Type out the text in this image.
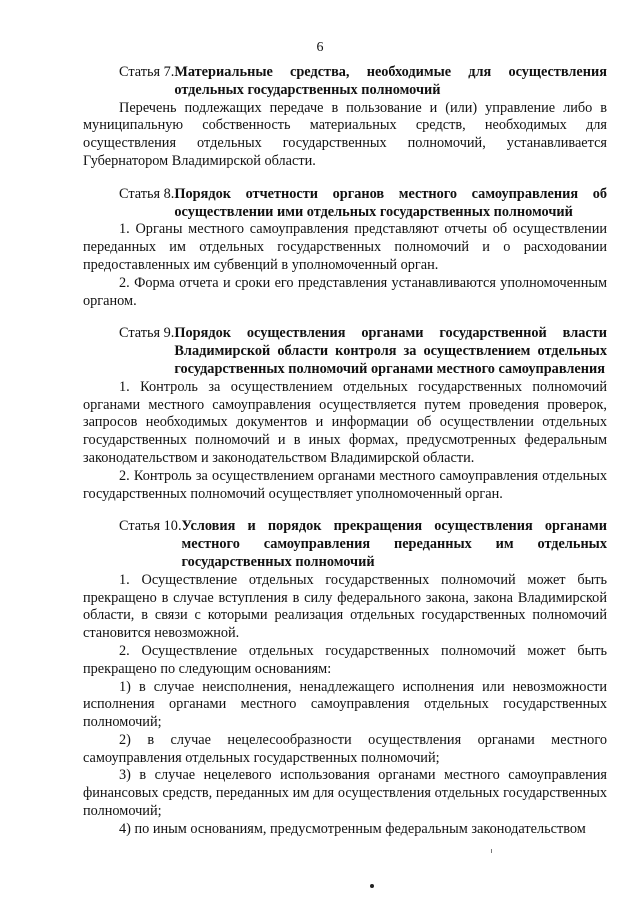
6
Статья 7. Материальные средства, необходимые для осуществления отдельных государственных полномочий

Перечень подлежащих передаче в пользование и (или) управление либо в муниципальную собственность материальных средств, необходимых для осуществления отдельных государственных полномочий, устанавливается Губернатором Владимирской области.

Статья 8. Порядок отчетности органов местного самоуправления об осуществлении ими отдельных государственных полномочий

1. Органы местного самоуправления представляют отчеты об осуществлении переданных им отдельных государственных полномочий и о расходовании предоставленных им субвенций в уполномоченный орган.

2. Форма отчета и сроки его представления устанавливаются уполномоченным органом.

Статья 9. Порядок осуществления органами государственной власти Владимирской области контроля за осуществлением отдельных государственных полномочий органами местного самоуправления

1. Контроль за осуществлением отдельных государственных полномочий органами местного самоуправления осуществляется путем проведения проверок, запросов необходимых документов и информации об осуществлении отдельных государственных полномочий и в иных формах, предусмотренных федеральным законодательством и законодательством Владимирской области.

2. Контроль за осуществлением органами местного самоуправления отдельных государственных полномочий осуществляет уполномоченный орган.

Статья 10. Условия и порядок прекращения осуществления органами местного самоуправления переданных им отдельных государственных полномочий

1. Осуществление отдельных государственных полномочий может быть прекращено в случае вступления в силу федерального закона, закона Владимирской области, в связи с которыми реализация отдельных государственных полномочий становится невозможной.

2. Осуществление отдельных государственных полномочий может быть прекращено по следующим основаниям:

1) в случае неисполнения, ненадлежащего исполнения или невозможности исполнения органами местного самоуправления отдельных государственных полномочий;

2) в случае нецелесообразности осуществления органами местного самоуправления отдельных государственных полномочий;

3) в случае нецелевого использования органами местного самоуправления финансовых средств, переданных им для осуществления отдельных государственных полномочий;

4) по иным основаниям, предусмотренным федеральным законодательством
